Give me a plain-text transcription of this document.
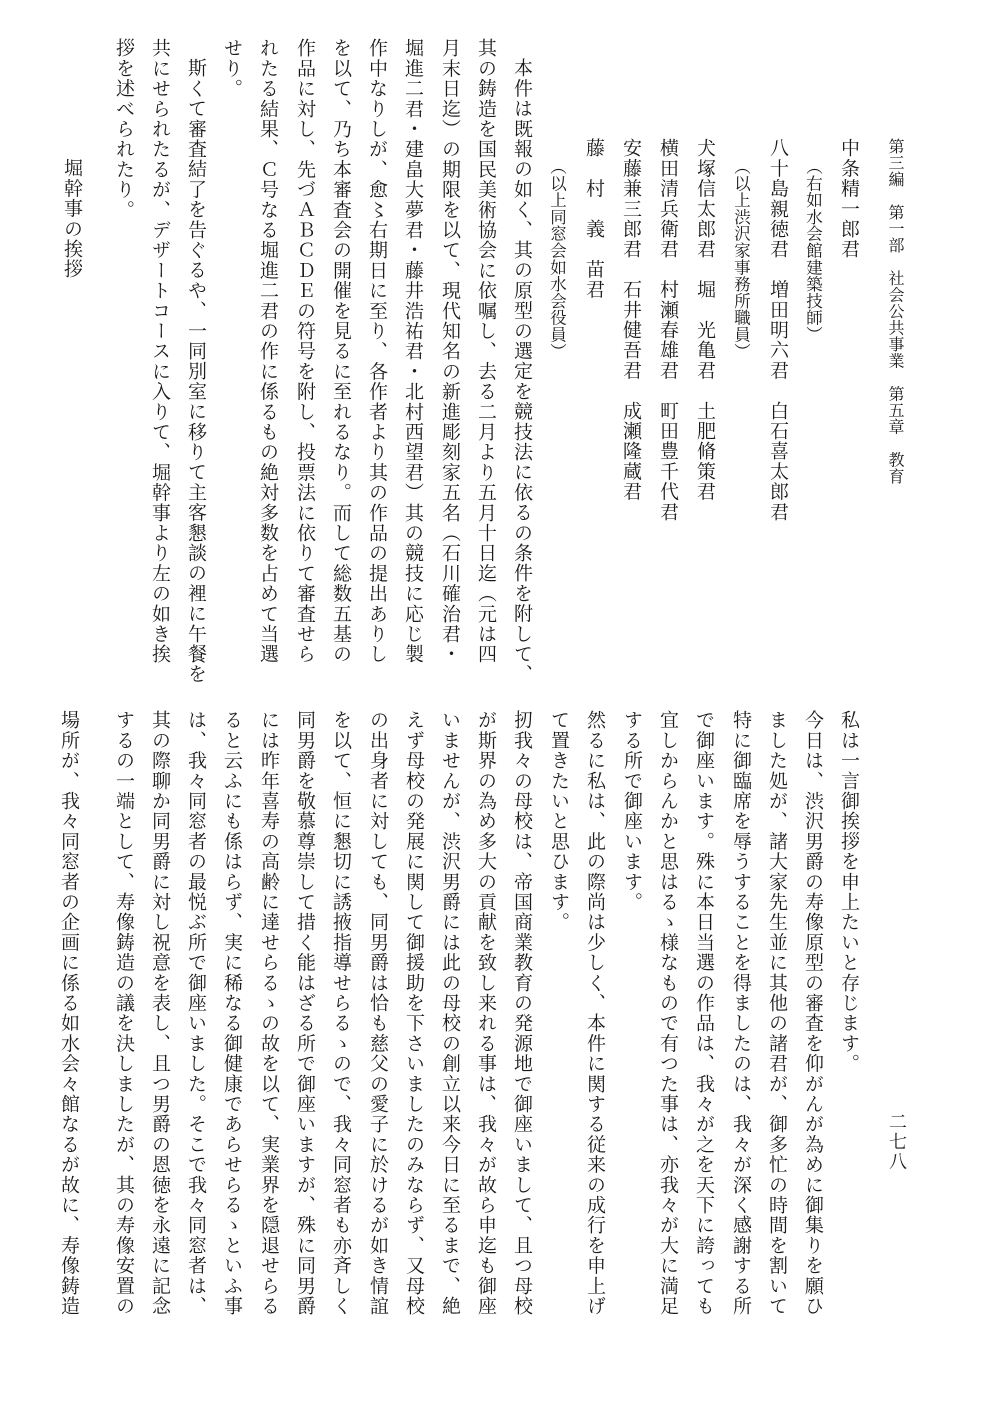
第三編　第一部　社会公共事業　第五章　教育
中条精一郎君
（右如水会館建築技師）
八十島親徳君　増田明六君　白石喜太郎君
（以上渋沢家事務所職員）
犬塚信太郎君　堀　光亀君　土肥脩策君
横田清兵衛君　村瀬春雄君　町田豊千代君
安藤兼三郎君　石井健吾君　成瀬隆蔵君
藤　村　義　苗君
（以上同窓会如水会役員）
本件は既報の如く、其の原型の選定を競技法に依るの条件を附して、
其の鋳造を国民美術協会に依嘱し、去る二月より五月十日迄（元は四
月末日迄）の期限を以て、現代知名の新進彫刻家五名（石川確治君・
堀進二君・建畠大夢君・藤井浩祐君・北村西望君）其の競技に応じ製
作中なりしが、愈〻右期日に至り、各作者より其の作品の提出ありし
を以て、乃ち本審査会の開催を見るに至れるなり。而して総数五基の
作品に対し、先づＡＢＣＤＥの符号を附し、投票法に依りて審査せら
れたる結果、Ｃ号なる堀進二君の作に係るもの絶対多数を占めて当選
せり。
斯くて審査結了を告ぐるや、一同別室に移りて主客懇談の裡に午餐を
共にせられたるが、デザートコースに入りて、堀幹事より左の如き挨
拶を述べられたり。
堀幹事の挨拶
二七八
私は一言御挨拶を申上たいと存じます。
今日は、渋沢男爵の寿像原型の審査を仰がんが為めに御集りを願ひ
ました処が、諸大家先生並に其他の諸君が、御多忙の時間を割いて
特に御臨席を辱うすることを得ましたのは、我々が深く感謝する所
で御座います。殊に本日当選の作品は、我々が之を天下に誇っても
宜しからんかと思はるゝ様なもので有つた事は、亦我々が大に満足
する所で御座います。
然るに私は、此の際尚は少しく、本件に関する従来の成行を申上げ
て置きたいと思ひます。
扨我々の母校は、帝国商業教育の発源地で御座いまして、且つ母校
が斯界の為め多大の貢献を致し来れる事は、我々が故ら申迄も御座
いませんが、渋沢男爵には此の母校の創立以来今日に至るまで、絶
えず母校の発展に関して御援助を下さいましたのみならず、又母校
の出身者に対しても、同男爵は恰も慈父の愛子に於けるが如き情誼
を以て、恒に懇切に誘掖指導せらるゝので、我々同窓者も亦斉しく
同男爵を敬慕尊崇して措く能はざる所で御座いますが、殊に同男爵
には昨年喜寿の高齢に達せらるゝの故を以て、実業界を隠退せらる
ると云ふにも係はらず、実に稀なる御健康であらせらるゝといふ事
は、我々同窓者の最悦ぶ所で御座いました。そこで我々同窓者は、
其の際聊か同男爵に対し祝意を表し、且つ男爵の恩徳を永遠に記念
するの一端として、寿像鋳造の議を決しましたが、其の寿像安置の
場所が、我々同窓者の企画に係る如水会々館なるが故に、寿像鋳造
